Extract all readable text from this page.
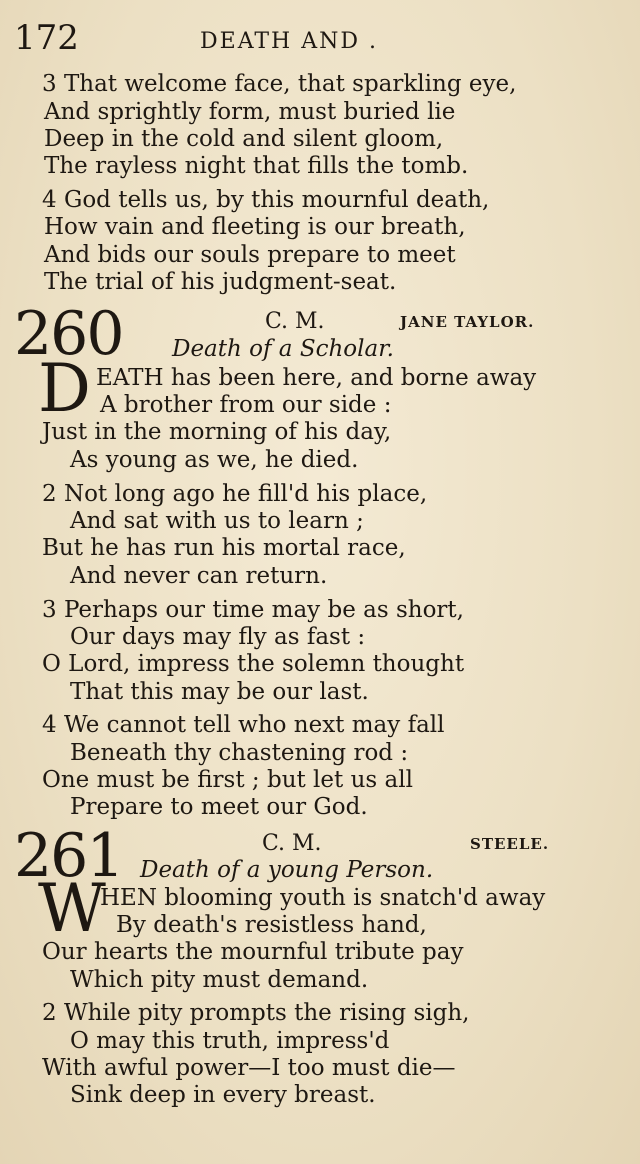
172	DEATH AND .
3 That welcome face, that sparkling eye,
And sprightly form, must buried lie
Deep in the cold and silent gloom,
The rayless night that fills the tomb.
4 God tells us, by this mournful death,
How vain and fleeting is our breath,
And bids our souls prepare to meet
The trial of his judgment-seat.
260	C. M.	JANE TAYLOR.
Death of a Scholar.
D EATH has been here, and borne away
A brother from our side :
Just in the morning of his day,
As young as we, he died.
2 Not long ago he fill'd his place,
And sat with us to learn ;
But he has run his mortal race,
And never can return.
3 Perhaps our time may be as short,
Our days may fly as fast :
O Lord, impress the solemn thought
That this may be our last.
4 We cannot tell who next may fall
Beneath thy chastening rod :
One must be first ; but let us all
Prepare to meet our God.
261	C. M.	STEELE.
Death of a young Person.
W
HEN blooming youth is snatch'd away
By death's resistless hand,
Our hearts the mournful tribute pay
Which pity must demand.
2 While pity prompts the rising sigh,
O may this truth, impress'd
With awful power—I too must die—
Sink deep in every breast.
